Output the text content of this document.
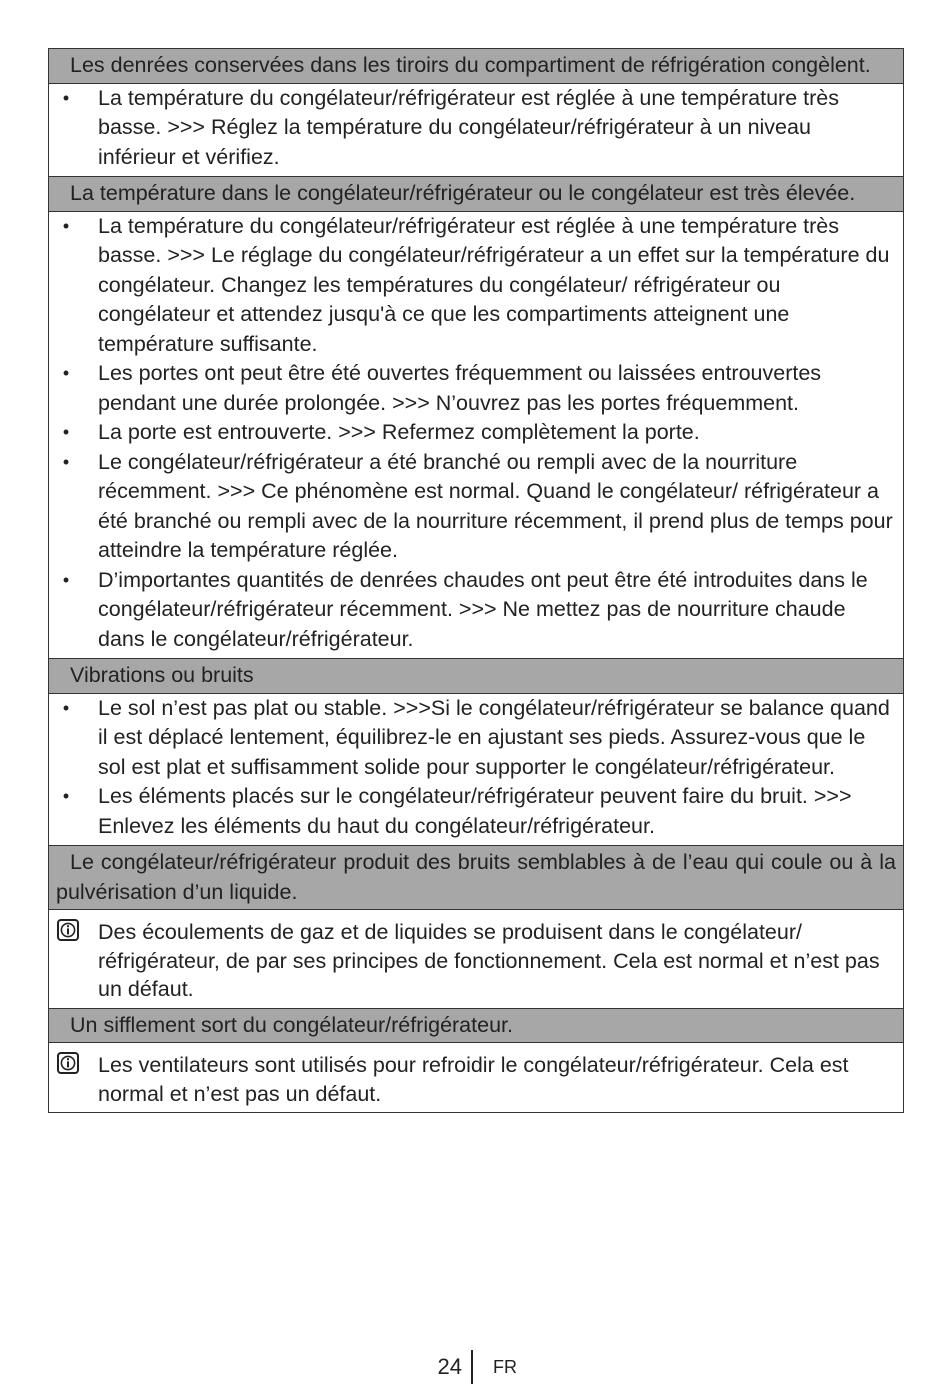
Les denrées conservées dans les tiroirs du compartiment de réfrigération congèlent.
• La température du congélateur/réfrigérateur est réglée à une température très basse. >>> Réglez la température du congélateur/réfrigérateur à un niveau inférieur et vérifiez.
La température dans le congélateur/réfrigérateur ou le congélateur est très élevée.
• La température du congélateur/réfrigérateur est réglée à une température très basse. >>> Le réglage du congélateur/réfrigérateur a un effet sur la température du congélateur. Changez les températures du congélateur/ réfrigérateur ou congélateur et attendez jusqu'à ce que les compartiments atteignent une température suffisante.
• Les portes ont peut être été ouvertes fréquemment ou laissées entrouvertes pendant une durée prolongée. >>> N’ouvrez pas les portes fréquemment.
• La porte est entrouverte. >>> Refermez complètement la porte.
• Le congélateur/réfrigérateur a été branché ou rempli avec de la nourriture récemment. >>> Ce phénomène est normal. Quand le congélateur/ réfrigérateur a été branché ou rempli avec de la nourriture récemment, il prend plus de temps pour atteindre la température réglée.
• D’importantes quantités de denrées chaudes ont peut être été introduites dans le congélateur/réfrigérateur récemment. >>> Ne mettez pas de nourriture chaude dans le congélateur/réfrigérateur.
Vibrations ou bruits
• Le sol n’est pas plat ou stable. >>>Si le congélateur/réfrigérateur se balance quand il est déplacé lentement, équilibrez-le en ajustant ses pieds. Assurez-vous que le sol est plat et suffisamment solide pour supporter le congélateur/réfrigérateur.
• Les éléments placés sur le congélateur/réfrigérateur peuvent faire du bruit. >>> Enlevez les éléments du haut du congélateur/réfrigérateur.
Le congélateur/réfrigérateur produit des bruits semblables à de l’eau qui coule ou à la pulvérisation d’un liquide.
Des écoulements de gaz et de liquides se produisent dans le congélateur/ réfrigérateur, de par ses principes de fonctionnement. Cela est normal et n’est pas un défaut.
Un sifflement sort du congélateur/réfrigérateur.
Les ventilateurs sont utilisés pour refroidir le congélateur/réfrigérateur. Cela est normal et n’est pas un défaut.
24 FR
